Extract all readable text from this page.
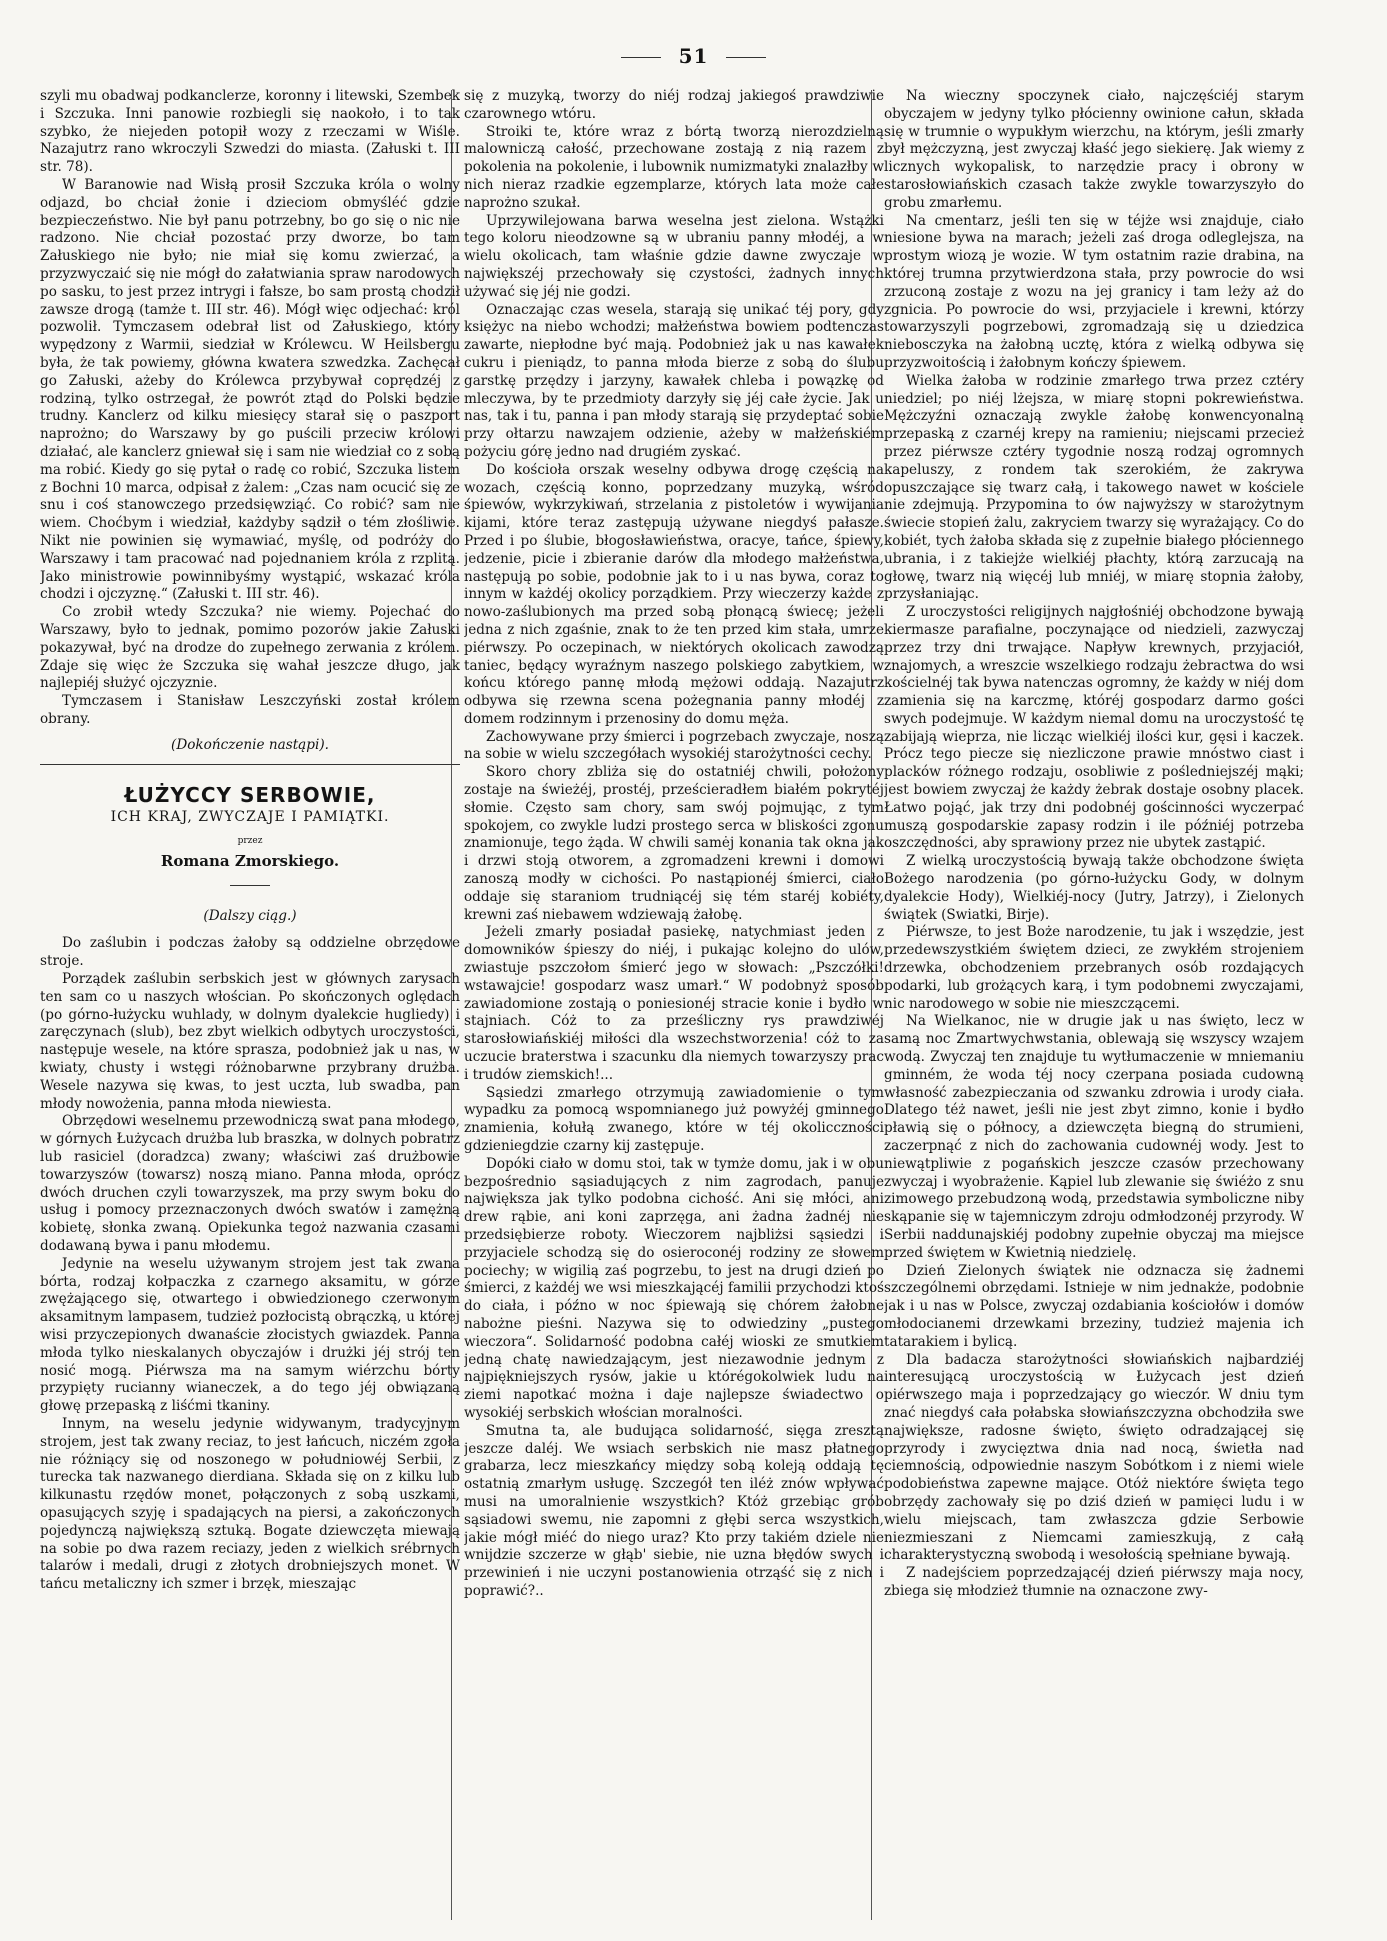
51

szyli mu obadwaj podkanclerze, koronny i litewski, Szembek i Szczuka. Inni panowie rozbiegli się naokoło, i to tak szybko, że niejeden potopił wozy z rzeczami w Wiśle. Nazajutrz rano wkroczyli Szwedzi do miasta. (Załuski t. III str. 78).

W Baranowie nad Wisłą prosił Szczuka króla o wolny odjazd, bo chciał żonie i dzieciom obmyśléć gdzie bezpieczeństwo. Nie był panu potrzebny, bo go się o nic nie radzono. Nie chciał pozostać przy dworze, bo tam Załuskiego nie było; nie miał się komu zwierzać, a przyzwyczaić się nie mógł do załatwiania spraw narodowych po sasku, to jest przez intrygi i fałsze, bo sam prostą chodził zawsze drogą (tamże t. III str. 46). Mógł więc odjechać: król pozwolił. Tymczasem odebrał list od Załuskiego, który wypędzony z Warmii, siedział w Królewcu. W Heilsbergu była, że tak powiemy, główna kwatera szwedzka. Zachęcał go Załuski, ażeby do Królewca przybywał coprędzéj z rodziną, tylko ostrzegał, że powrót ztąd do Polski będzie trudny. Kanclerz od kilku miesięcy starał się o paszport naprożno; do Warszawy by go puścili przeciw królowi działać, ale kanclerz gniewał się i sam nie wiedział co z sobą ma robić. Kiedy go się pytał o radę co robić, Szczuka listem z Bochni 10 marca, odpisał z żalem: „Czas nam ocucić się ze snu i coś stanowczego przedsięwziąć. Co robić? sam nie wiem. Choćbym i wiedział, każdyby sądził o tém złośliwie. Nikt nie powinien się wymawiać, myślę, od podróży do Warszawy i tam pracować nad pojednaniem króla z rzplitą. Jako ministrowie powinnibyśmy wystąpić, wskazać króla chodzi i ojczyznę.“ (Załuski t. III str. 46).

Co zrobił wtedy Szczuka? nie wiemy. Pojechać do Warszawy, było to jednak, pomimo pozorów jakie Załuski pokazywał, być na drodze do zupełnego zerwania z królem. Zdaje się więc że Szczuka się wahał jeszcze długo, jak najlepiéj służyć ojczyznie.

Tymczasem i Stanisław Leszczyński został królem obrany.

(Dokończenie nastąpi).

ŁUŻYCCY SERBOWIE,
ICH KRAJ, ZWYCZAJE I PAMIĄTKI.
przez
Romana Zmorskiego.
(Dalszy ciąg.)

Do zaślubin i podczas żałoby są oddzielne obrzędowe stroje.

Porządek zaślubin serbskich jest w głównych zarysach ten sam co u naszych włościan. Po skończonych oględach (po górno-łużycku wuhlady, w dolnym dyalekcie hugliedy) i zaręczynach (slub), bez zbyt wielkich odbytych uroczystości, następuje wesele, na które sprasza, podobnież jak u nas, w kwiaty, chusty i wstęgi różnobarwne przybrany drużba. Wesele nazywa się kwas, to jest uczta, lub swadba, pan młody nowożenia, panna młoda niewiesta.

Obrzędowi weselnemu przewodniczą swat pana młodego, w górnych Łużycach drużba lub braszka, w dolnych pobratrz lub rasiciel (doradzca) zwany; właściwi zaś drużbowie towarzyszów (towarsz) noszą miano. Panna młoda, oprócz dwóch druchen czyli towarzyszek, ma przy swym boku do usług i pomocy przeznaczonych dwóch swatów i zamężną kobietę, słonka zwaną. Opiekunka tegoż nazwania czasami dodawaną bywa i panu młodemu.

Jedynie na weselu używanym strojem jest tak zwana bórta, rodzaj kołpaczka z czarnego aksamitu, w górze zwężającego się, otwartego i obwiedzionego czerwonym aksamitnym lampasem, tudzież pozłocistą obrączką, u której wisi przyczepionych dwanaście złocistych gwiazdek. Panna młoda tylko nieskalanych obyczajów i drużki jéj strój ten nosić mogą. Piérwsza ma na samym wiérzchu bórty przypięty rucianny wianeczek, a do tego jéj obwiązaną głowę przepaską z liśćmi tkaniny.

Innym, na weselu jedynie widywanym, tradycyjnym strojem, jest tak zwany reciaz, to jest łańcuch, niczém zgoła nie różniący się od noszonego w południowéj Serbii, z turecka tak nazwanego dierdiana. Składa się on z kilku lub kilkunastu rzędów monet, połączonych z sobą uszkami, opasujących szyję i spadających na piersi, a zakończonych pojedynczą największą sztuką. Bogate dziewczęta miewają na sobie po dwa razem reciazy, jeden z wielkich srébrnych talarów i medali, drugi z złotych drobniejszych monet. W tańcu metaliczny ich szmer i brzęk, mieszając

się z muzyką, tworzy do niéj rodzaj jakiegoś prawdziwie czarownego wtóru.

Stroiki te, które wraz z bórtą tworzą nierozdzielną malowniczą całość, przechowane zostają z nią razem z pokolenia na pokolenie, i lubownik numizmatyki znalazłby w nich nieraz rzadkie egzemplarze, których lata może całe naprożno szukał.

Uprzywilejowana barwa weselna jest zielona. Wstążki tego koloru nieodzowne są w ubraniu panny młodéj, a w wielu okolicach, tam właśnie gdzie dawne zwyczaje w największéj przechowały się czystości, żadnych innych używać się jéj nie godzi.

Oznaczając czas wesela, starają się unikać téj pory, gdy księżyc na niebo wchodzi; małżeństwa bowiem podtenczas zawarte, niepłodne być mają. Podobnież jak u nas kawałek cukru i pieniądz, to panna młoda bierze z sobą do ślubu garstkę przędzy i jarzyny, kawałek chleba i powązkę od mleczywa, by te przedmioty darzyły się jéj całe życie. Jak u nas, tak i tu, panna i pan młody starają się przydeptać sobie przy ołtarzu nawzajem odzienie, ażeby w małżeńskiém pożyciu górę jedno nad drugiém zyskać.

Do kościoła orszak weselny odbywa drogę częścią na wozach, częścią konno, poprzedzany muzyką, wśród śpiewów, wykrzykiwań, strzelania z pistoletów i wywijania kijami, które teraz zastępują używane niegdyś pałasze. Przed i po ślubie, błogosławieństwa, oracye, tańce, śpiewy, jedzenie, picie i zbieranie darów dla młodego małżeństwa, następują po sobie, podobnie jak to i u nas bywa, coraz to innym w każdéj okolicy porządkiem. Przy wieczerzy każde z nowo-zaślubionych ma przed sobą płonącą świecę; jeżeli jedna z nich zgaśnie, znak to że ten przed kim stała, umrze piérwszy. Po oczepinach, w niektórych okolicach zawodzą taniec, będący wyraźnym naszego polskiego zabytkiem, w końcu którego pannę młodą mężowi oddają. Nazajutrz odbywa się rzewna scena pożegnania panny młodéj z domem rodzinnym i przenosiny do domu męża.

Zachowywane przy śmierci i pogrzebach zwyczaje, noszą na sobie w wielu szczegółach wysokiéj starożytności cechy.

Skoro chory zbliża się do ostatniéj chwili, położony zostaje na świeżéj, prostéj, prześcieradłem białém pokrytéj słomie. Często sam chory, sam swój pojmując, z tym spokojem, co zwykle ludzi prostego serca w bliskości zgonu znamionuje, tego żąda. W chwili samėj konania tak okna jak i drzwi stoją otworem, a zgromadzeni krewni i domowi zanoszą modły w cichości. Po nastąpionéj śmierci, ciało oddaje się staraniom trudniącéj się tém staréj kobiéty, krewni zaś niebawem wdziewają żałobę.

Jeżeli zmarły posiadał pasiekę, natychmiast jeden z domowników śpieszy do niéj, i pukając kolejno do ulów, zwiastuje pszczołom śmierć jego w słowach: „Pszczółki! wstawajcie! gospodarz wasz umarł.“ W podobnyż sposób zawiadomione zostają o poniesionéj stracie konie i bydło w stajniach. Cóż to za prześliczny rys prawdziwéj starosłowiańskiéj miłości dla wszechstworzenia! cóż to za uczucie braterstwa i szacunku dla niemych towarzyszy prac i trudów ziemskich!...

Sąsiedzi zmarłego otrzymują zawiadomienie o tym wypadku za pomocą wspomnianego już powyżéj gminnego znamienia, kołułą zwanego, które w téj okolicczności gdzieniegdzie czarny kij zastępuje.

Dopóki ciało w domu stoi, tak w tymże domu, jak i w obu bezpośrednio sąsiadujących z nim zagrodach, panuje największa jak tylko podobna cichość. Ani się młóci, ani drew rąbie, ani koni zaprzęga, ani żadna żadnéj nie przedsiębierze roboty. Wieczorem najbliżsi sąsiedzi i przyjaciele schodzą się do osieroconéj rodziny ze słowem pociechy; w wigilią zaś pogrzebu, to jest na drugi dzień po śmierci, z każdéj we wsi mieszkającéj familii przychodzi ktoś do ciała, i późno w noc śpiewają się chórem żałobne nabożne pieśni. Nazywa się to odwiedziny „pustego wieczora“. Solidarność podobna całéj wioski ze smutkiem jedną chatę nawiedzającym, jest niezawodnie jednym z najpiękniejszych rysów, jakie u którégokolwiek ludu na ziemi napotkać można i daje najlepsze świadectwo o wysokiéj serbskich włościan moralności.

Smutna ta, ale budująca solidarność, sięga zresztą jeszcze daléj. We wsiach serbskich nie masz płatnego grabarza, lecz mieszkańcy między sobą koleją oddają tę ostatnią zmarłym usługę. Szczegół ten iléż znów wpływać musi na umoralnienie wszystkich? Któż grzebiąc grób sąsiadowi swemu, nie zapomni z głębi serca wszystkich, jakie mógł miéć do niego uraz? Kto przy takiém dziele nie wnijdzie szczerze w głąb' siebie, nie uzna błędów swych i przewinień i nie uczyni postanowienia otrząść się z nich i poprawić?..

Na wieczny spoczynek ciało, najczęściéj starym obyczajem w jedyny tylko płócienny owinione całun, składa się w trumnie o wypukłym wierzchu, na którym, jeśli zmarły był mężczyzną, jest zwyczaj kłaść jego siekierę. Jak wiemy z licznych wykopalisk, to narzędzie pracy i obrony w starosłowiańskich czasach także zwykle towarzyszyło do grobu zmarłemu.

Na cmentarz, jeśli ten się w téjże wsi znajduje, ciało niesione bywa na marach; jeżeli zaś droga odleglejsza, na prostym wiozą je wozie. W tym ostatnim razie drabina, na której trumna przytwierdzona stała, przy powrocie do wsi zrzuconą zostaje z wozu na jej granicy i tam leży aż do zgnicia. Po powrocie do wsi, przyjaciele i krewni, którzy towarzyszyli pogrzebowi, zgromadzają się u dziedzica niebosczyka na żałobną ucztę, która z wielką odbywa się przyzwoitością i żałobnym kończy śpiewem.

Wielka żałoba w rodzinie zmarłego trwa przez cztéry niedziel; po niéj lżejsza, w miarę stopni pokrewieństwa. Mężczyźni oznaczają zwykle żałobę konwencyonalną przepaską z czarnéj krepy na ramieniu; niejscami przecież przez piérwsze cztéry tygodnie noszą rodzaj ogromnych kapeluszy, z rondem tak szerokiém, że zakrywa opuszczające się twarz całą, i takowego nawet w kościele nie zdejmują. Przypomina to ów najwyższy w starożytnym świecie stopień żalu, zakryciem twarzy się wyrażający. Co do kobiét, tych żałoba składa się z zupełnie białego płóciennego ubrania, i z takiejże wielkiéj płachty, którą zarzucają na głowę, twarz nią więcéj lub mniéj, w miarę stopnia żałoby, przysłaniając.

Z uroczystości religijnych najgłośniéj obchodzone bywają kiermasze parafialne, poczynające od niedzieli, zazwyczaj przez trzy dni trwające. Napływ krewnych, przyjaciół, znajomych, a wreszcie wszelkiego rodzaju żebractwa do wsi kościelnéj tak bywa natenczas ogromny, że każdy w niéj dom zamienia się na karczmę, któréj gospodarz darmo gości swych podejmuje. W każdym niemal domu na uroczystość tę zabijają wieprza, nie licząc wielkiéj ilości kur, gęsi i kaczek. Prócz tego piecze się niezliczone prawie mnóstwo ciast i placków różnego rodzaju, osobliwie z pośledniejszéj mąki; jest bowiem zwyczaj że każdy żebrak dostaje osobny placek. Łatwo pojąć, jak trzy dni podobnéj gościnności wyczerpać muszą gospodarskie zapasy rodzin i ile późniéj potrzeba oszczędności, aby sprawiony przez nie ubytek zastąpić.

Z wielką uroczystością bywają także obchodzone święta Bożego narodzenia (po górno-łużycku Gody, w dolnym dyalekcie Hody), Wielkiéj-nocy (Jutry, Jatrzy), i Zielonych świątek (Swiatki, Birje).

Piérwsze, to jest Boże narodzenie, tu jak i wszędzie, jest przedewszystkiém świętem dzieci, ze zwykłém strojeniem drzewka, obchodzeniem przebranych osób rozdających podarki, lub grożących karą, i tym podobnemi zwyczajami, nic narodowego w sobie nie mieszczącemi.

Na Wielkanoc, nie w drugie jak u nas święto, lecz w samą noc Zmartwychwstania, oblewają się wszyscy wzajem wodą. Zwyczaj ten znajduje tu wytłumaczenie w mniemaniu gminném, że woda téj nocy czerpana posiada cudowną własność zabezpieczania od szwanku zdrowia i urody ciała. Dlatego téż nawet, jeśli nie jest zbyt zimno, konie i bydło pławią się o północy, a dziewczęta biegną do strumieni, zaczerpnąć z nich do zachowania cudownéj wody. Jest to niewątpliwie z pogańskich jeszcze czasów przechowany zwyczaj i wyobrażenie. Kąpiel lub zlewanie się świéżo z snu zimowego przebudzoną wodą, przedstawia symboliczne niby skąpanie się w tajemniczym zdroju odmłodzonéj przyrody. W Serbii naddunajskiéj podobny zupełnie obyczaj ma miejsce przed świętem w Kwietnią niedzielę.

Dzień Zielonych świątek nie odznacza się żadnemi szczególnemi obrzędami. Istnieje w nim jednakże, podobnie jak i u nas w Polsce, zwyczaj ozdabiania kościołów i domów młodocianemi drzewkami brzeziny, tudzież majenia ich tatarakiem i bylicą.

Dla badacza starożytności słowiańskich najbardziéj interesującą uroczystością w Łużycach jest dzień piérwszego maja i poprzedzający go wieczór. W dniu tym znać niegdyś cała połabska słowiańszczyzna obchodziła swe największe, radosne święto, święto odradzającej się przyrody i zwycięztwa dnia nad nocą, świetła nad ciemnością, odpowiednie naszym Sobótkom i z niemi wiele podobieństwa zapewne mające. Otóż niektóre święta tego obrzędy zachowały się po dziś dzień w pamięci ludu i w wielu miejscach, tam zwłaszcza gdzie Serbowie niezmieszani z Niemcami zamieszkują, z całą charakterystyczną swobodą i wesołością spełniane bywają.

Z nadejściem poprzedzającéj dzień piérwszy maja nocy, zbiega się młodzież tłumnie na oznaczone zwy-
